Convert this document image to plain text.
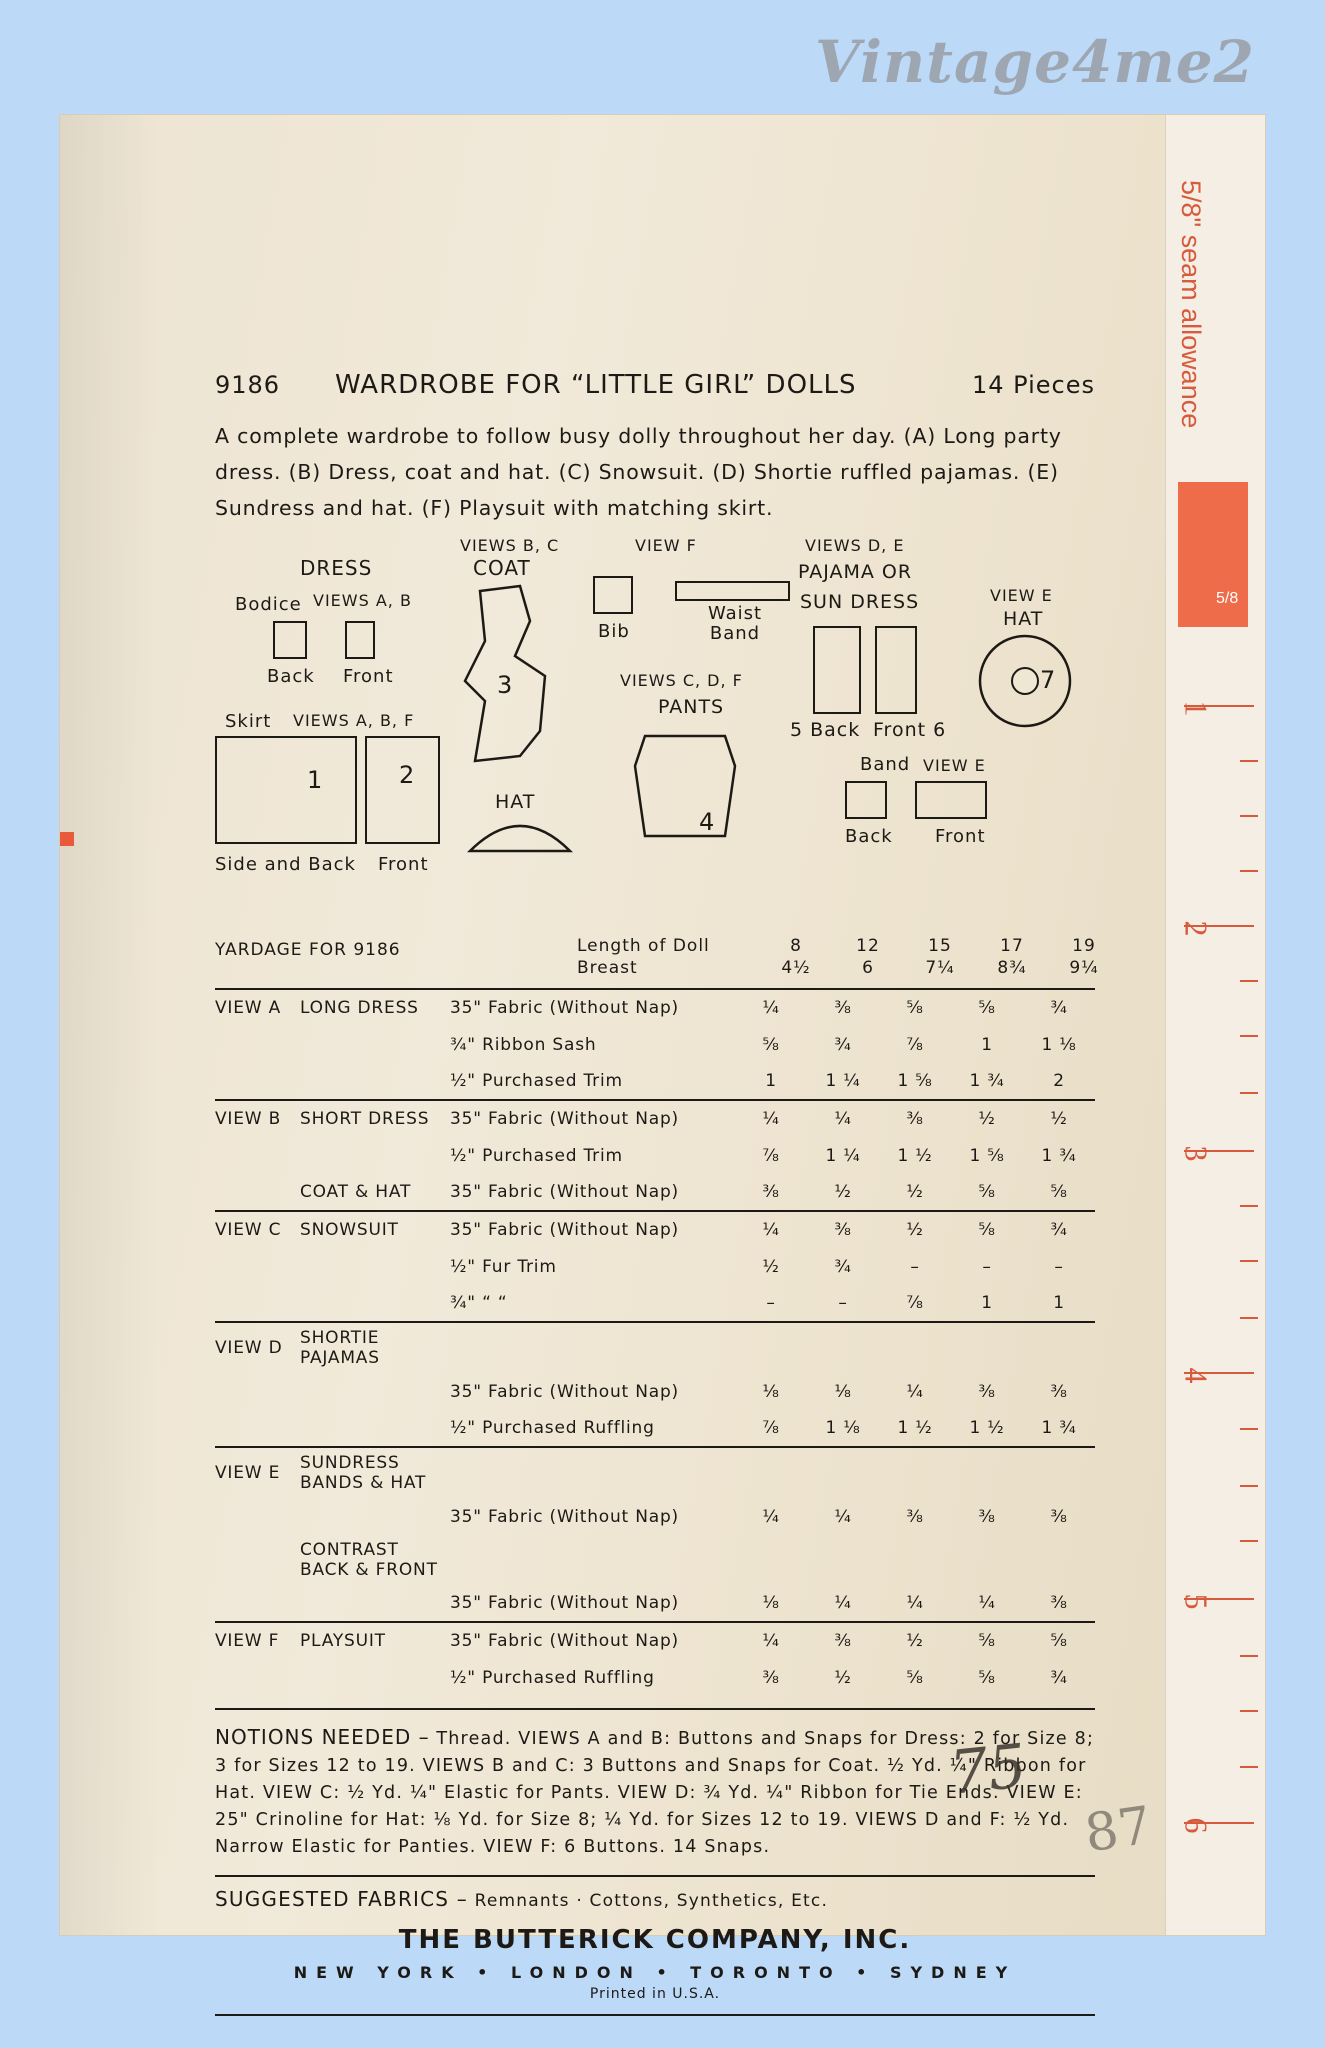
Vintage4me2
5/8" seam allowance
5/8
1
2
3
4
5
6
9186	WARDROBE FOR “LITTLE GIRL” DOLLS	14 Pieces
A complete wardrobe to follow busy dolly throughout her day. (A) Long party dress. (B) Dress, coat and hat. (C) Snowsuit. (D) Shortie ruffled pajamas. (E) Sundress and hat. (F) Playsuit with matching skirt.
DRESS
Bodice VIEWS A, B
Back Front
Skirt VIEWS A, B, F
1	2
Side and Back Front
VIEWS B, C
COAT
3
HAT
VIEW F
Bib
Waist Band
VIEWS C, D, F
PANTS
4
VIEWS D, E
PAJAMA OR
SUN DRESS
5 Back Front 6
Band VIEW E
Back Front
VIEW E
HAT
7
YARDAGE FOR 9186	Length of Doll
Breast
8	12	15	17	19
4½	6	7¼	8¾	9¼
VIEW A	LONG DRESS	35" Fabric (Without Nap)	¼	⅜	⅝	⅝	¾
		¾" Ribbon Sash	⅝	¾	⅞	1	1 ⅛
		½" Purchased Trim	1	1 ¼	1 ⅝	1 ¾	2
VIEW B	SHORT DRESS	35" Fabric (Without Nap)	¼	¼	⅜	½	½
		½" Purchased Trim	⅞	1 ¼	1 ½	1 ⅝	1 ¾
	COAT & HAT	35" Fabric (Without Nap)	⅜	½	½	⅝	⅝
VIEW C	SNOWSUIT	35" Fabric (Without Nap)	¼	⅜	½	⅝	¾
		½" Fur Trim	½	¾	–	–	–
		¾" “ “	–	–	⅞	1	1
VIEW D	SHORTIE PAJAMAS						
		35" Fabric (Without Nap)	⅛	⅛	¼	⅜	⅜
		½" Purchased Ruffling	⅞	1 ⅛	1 ½	1 ½	1 ¾
VIEW E	SUNDRESS BANDS & HAT						
		35" Fabric (Without Nap)	¼	¼	⅜	⅜	⅜
	CONTRAST BACK & FRONT						
		35" Fabric (Without Nap)	⅛	¼	¼	¼	⅜
VIEW F	PLAYSUIT	35" Fabric (Without Nap)	¼	⅜	½	⅝	⅝
		½" Purchased Ruffling	⅜	½	⅝	⅝	¾
NOTIONS NEEDED – Thread. VIEWS A and B: Buttons and Snaps for Dress: 2 for Size 8; 3 for Sizes 12 to 19. VIEWS B and C: 3 Buttons and Snaps for Coat. ½ Yd. ¼" Ribbon for Hat. VIEW C: ½ Yd. ¼" Elastic for Pants. VIEW D: ¾ Yd. ¼" Ribbon for Tie Ends. VIEW E: 25" Crinoline for Hat: ⅛ Yd. for Size 8; ¼ Yd. for Sizes 12 to 19. VIEWS D and F: ½ Yd. Narrow Elastic for Panties. VIEW F: 6 Buttons. 14 Snaps.
SUGGESTED FABRICS – Remnants · Cottons, Synthetics, Etc.
THE BUTTERICK COMPANY, INC.
NEW YORK • LONDON • TORONTO • SYDNEY
Printed in U.S.A.
75
87
